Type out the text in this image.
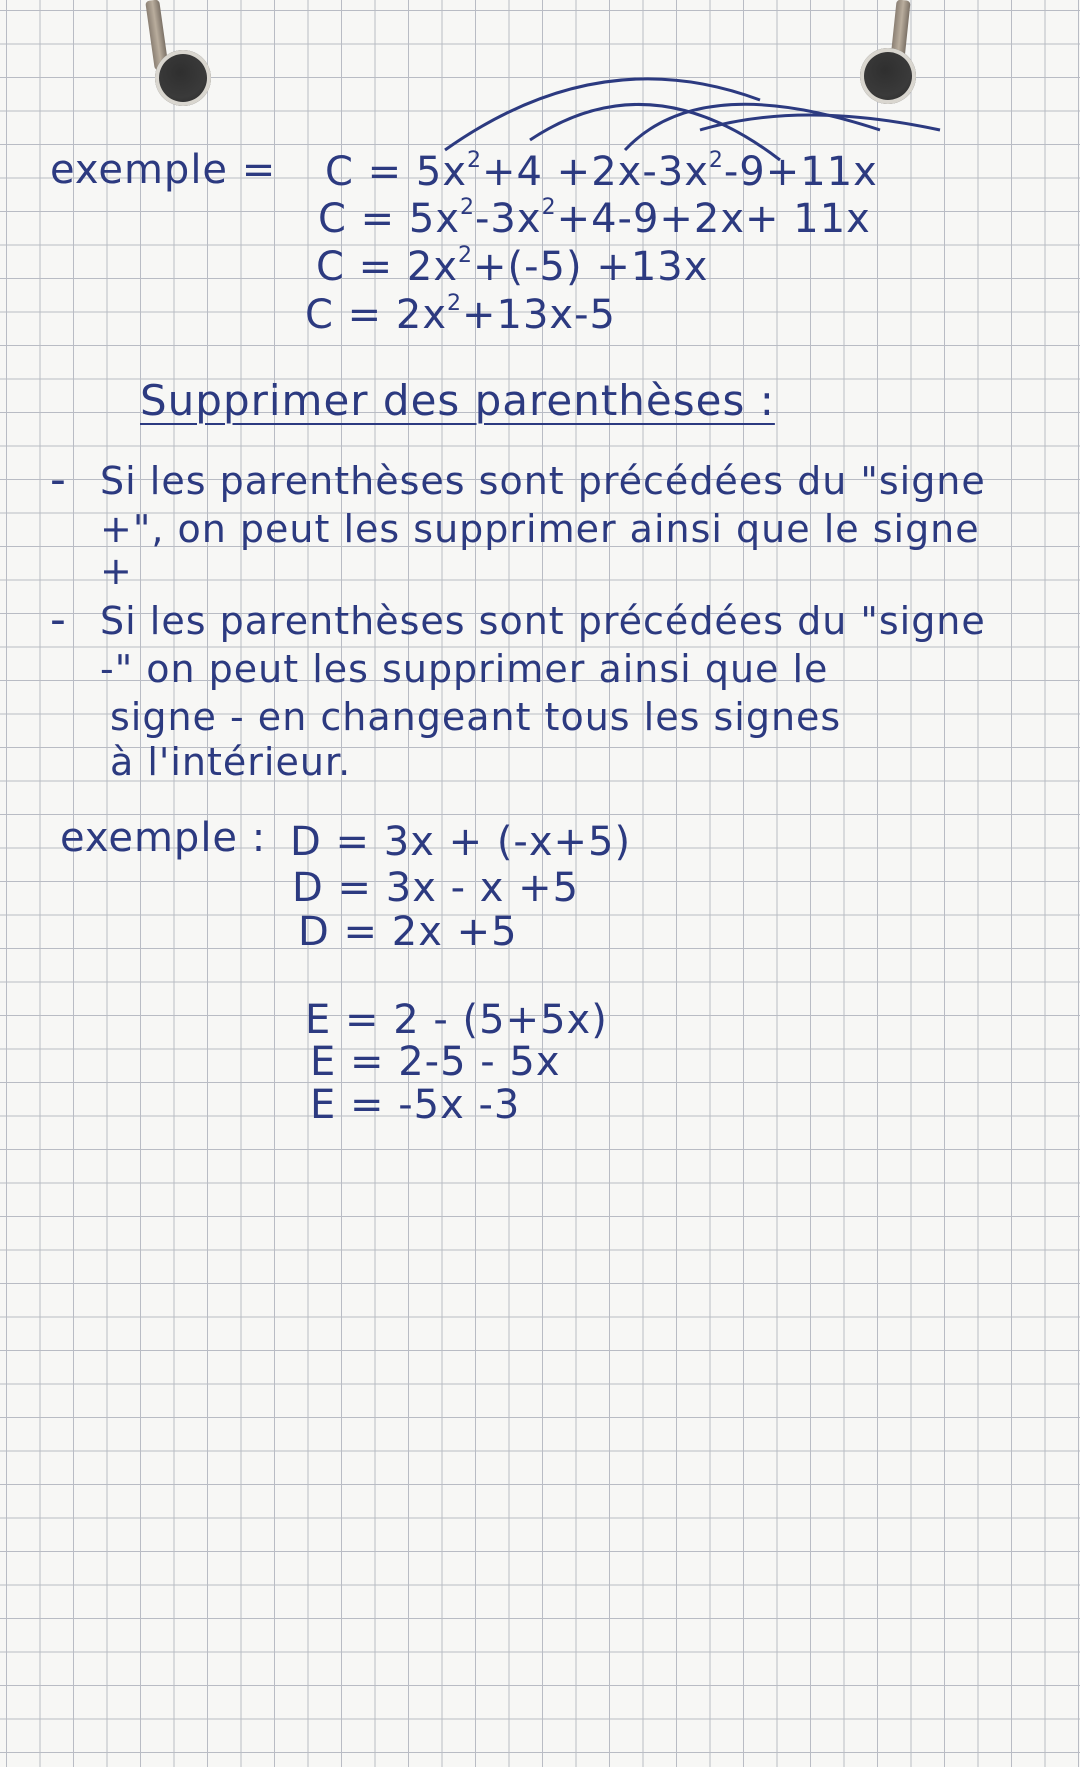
exemple = $C = 5x^2+4 +2x-3x^2-9+11x$
$C = 5x^2-3x^2+4-9+2x+ 11x$
$C = 2x^2+(-5) +13x$
$C = 2x^2+13x-5$
Supprimer des parenthèses :
- Si les parenthèses sont précédées du "signe
+", on peut les supprimer ainsi que le signe
+
- Si les parenthèses sont précédées du "signe
-" on peut les supprimer ainsi que le
signe - en changeant tous les signes
à l'intérieur.
exemple : D = 3x + (-x+5)
D = 3x - x +5
D = 2x +5
E = 2 - (5+5x)
E = 2-5 - 5x
E = -5x -3
